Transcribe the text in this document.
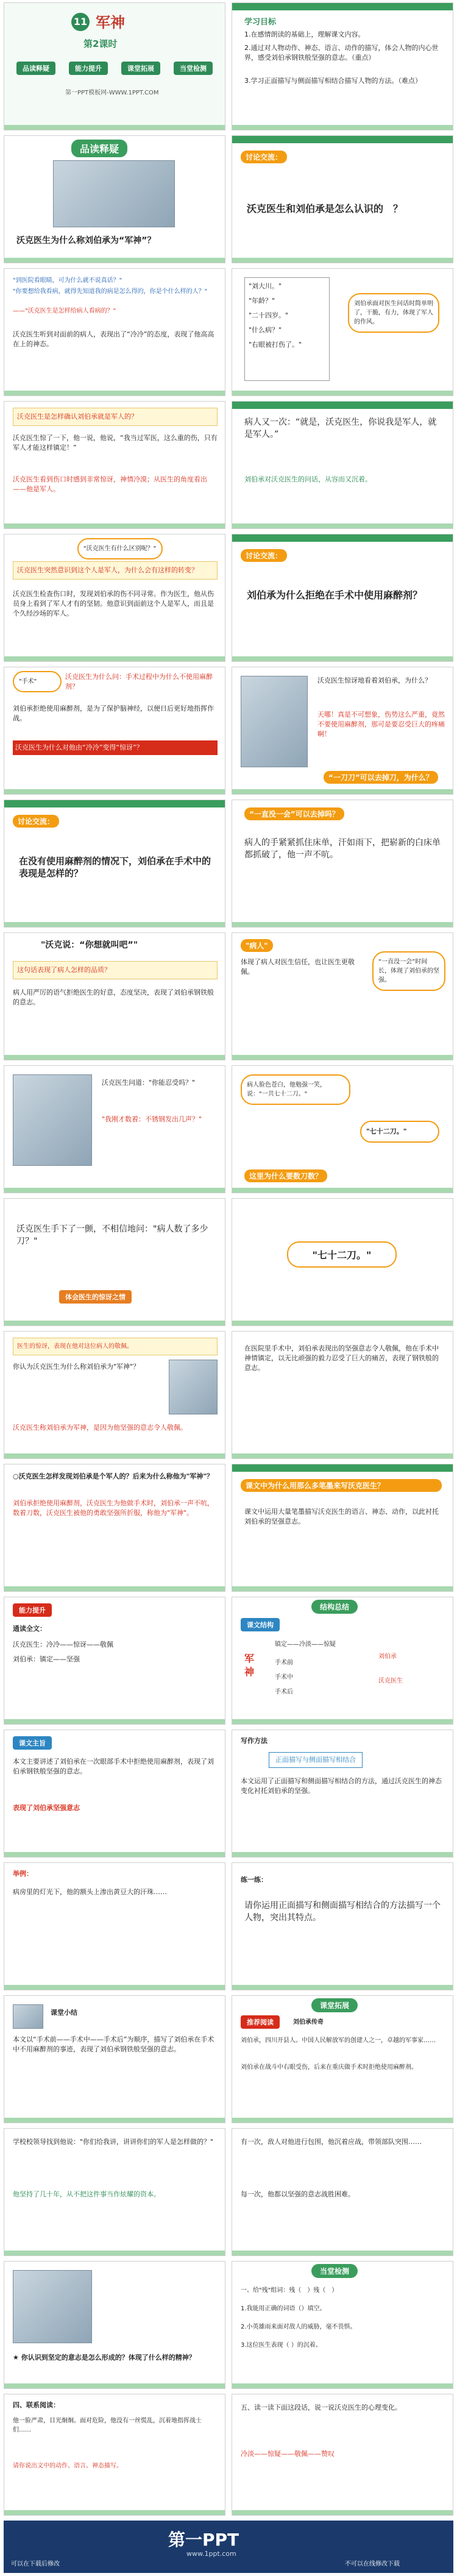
11 军神
第2课时
品读释疑	能力提升	课堂拓展	当堂检测
第一PPT模板网-WWW.1PPT.COM
学习目标
1.在感情朗读的基础上，理解课文内容。
2.通过对人物动作、神态、语言、动作的描写，体会人物的内心世界，感受刘伯承钢铁般坚强的意志。（重点）
3.学习正面描写与侧面描写相结合描写人物的方法。（难点）
品读释疑
沃克医生为什么称刘伯承为“军神”？
讨论交流：
沃克医生和刘伯承是怎么认识的　？
"到医院看眼睛，可为什么就不说真话？"
"你要想给我看病，就得先知道我的病是怎么得的，你是个什么样的人？"
——"沃克医生是怎样给病人看病的？"
沃克医生听到对面前的病人，表现出了“冷冷”的态度，表现了他高高在上的神态。
"刘大川。"
"年龄？"
"二十四岁。"
"什么病？"
"右眼被打伤了。"
刘伯承面对医生问话时简单明了，干脆，有力，体现了军人的作风。
沃克医生是怎样确认刘伯承就是军人的？
沃克医生惊了一下，他一说，他说，“我当过军医，这么重的伤，只有军人才能这样镇定！”
沃克医生看到伤口时感到非常惊讶，神情冷漠；从医生的角度看出——他是军人。
病人又一次：“就是，沃克医生，你说我是军人，就是军人。”
刘伯承对沃克医生的问话，从容而又沉着。
"沃克医生有什么区别呢？"
沃克医生突然意识到这个人是军人，为什么会有这样的转变？
沃克医生检查伤口时，发现刘伯承的伤不同寻常。作为医生，他从伤员身上看到了军人才有的坚韧。他意识到面前这个人是军人，而且是个久经沙场的军人。
讨论交流：
刘伯承为什么拒绝在手术中使用麻醉剂？
"手术"
沃克医生为什么问：手术过程中为什么不使用麻醉剂？
刘伯承拒绝使用麻醉剂，是为了保护脑神经，以便日后更好地指挥作战。
沃克医生为什么对他由“冷冷”变得“惊讶”？
沃克医生惊讶地看着刘伯承，为什么？
天哪！真是不可想象，伤势这么严重，竟然不要使用麻醉剂，那可是要忍受巨大的疼痛啊！
“一刀刀”可以去掉刀，为什么？
讨论交流：
在没有使用麻醉剂的情况下，刘伯承在手术中的表现是怎样的？
“一直没一会”可以去掉吗？
病人的手紧紧抓住床单，汗如雨下，把崭新的白床单都抓破了，他一声不吭。
"沃克说：“你想就叫吧”"
这句话表现了病人怎样的品质？
病人用严厉的语气拒绝医生的好意，态度坚决，表现了刘伯承钢铁般的意志。
"病人"
体现了病人对医生信任，也让医生更敬佩。
“一直没一会”时间长，体现了刘伯承的坚强。
沃克医生问道："你能忍受吗？"
"我刚才数着：不锈钢发出几声？"
病人脸色苍白，他勉强一笑，说："一共七十二刀。"
"七十二刀。"
这里为什么要数刀数？
沃克医生手下了一颤，不相信地问："病人数了多少刀？"
体会医生的惊讶之情
"七十二刀。"
医生的惊讶，表现在他对这位病人的敬佩。
你认为沃克医生为什么称刘伯承为"军神"？
沃克医生称刘伯承为军神，是因为他坚强的意志令人敬佩。
在医院里手术中，刘伯承表现出的坚强意志令人敬佩，他在手术中神情镇定，以无比顽强的毅力忍受了巨大的痛苦，表现了钢铁般的意志。
○沃克医生怎样发现刘伯承是个军人的？后来为什么称他为"军神"？
刘伯承拒绝使用麻醉剂，沃克医生为他做手术时，刘伯承一声不吭，数着刀数，沃克医生被他的勇敢坚强所折服，称他为"军神"。
课文中为什么用那么多笔墨来写沃克医生？
课文中运用大量笔墨描写沃克医生的语言、神态、动作，以此衬托刘伯承的坚强意志。
能力提升
通读全文：
沃克医生：冷冷——惊讶——敬佩
刘伯承：镇定——坚强
结构总结
课文结构
军神
镇定——冷淡——惊疑
手术前
手术中
手术后
刘伯承
沃克医生
课文主旨
本文主要讲述了刘伯承在一次眼部手术中拒绝使用麻醉剂，表现了刘伯承钢铁般坚强的意志。
表现了刘伯承坚强意志
写作方法
正面描写与侧面描写相结合
本文运用了正面描写和侧面描写相结合的方法，通过沃克医生的神态变化衬托刘伯承的坚强。
举例：
病房里的灯光下，他的额头上渗出黄豆大的汗珠……
练一练：
请你运用正面描写和侧面描写相结合的方法描写一个人物，突出其特点。
课堂小结
本文以“手术前——手术中——手术后”为顺序，描写了刘伯承在手术中不用麻醉剂的事迹，表现了刘伯承钢铁般坚强的意志。
课堂拓展
推荐阅读	刘伯承传奇
刘伯承，四川开县人。中国人民解放军的创建人之一，卓越的军事家……
刘伯承在战斗中右眼受伤，后来在重庆做手术时拒绝使用麻醉剂。
学校校领导找到他说："你们给我讲，讲讲你们的军人是怎样做的？"
他坚持了几十年，从不把这件事当作炫耀的资本。
有一次，敌人对他进行包围，他沉着应战，带领部队突围……
每一次，他都以坚强的意志战胜困难。
★ 你认识到坚定的意志是怎么形成的？体现了什么样的精神？
当堂检测
一、给"残"组词：残（　）残（　）
1.我能用正确的词语（）填空。
2.小英雄雨来面对敌人的威胁，毫不畏惧。
3.这位医生表现（ ）的沉着。
四、联系阅读：
他一脸严肃，目光炯炯。面对危险，他没有一丝慌乱，沉着地指挥战士们……
请你说出文中的动作、语言、神态描写。
五、读一读下面这段话，说一说沃克医生的心理变化。
冷淡——惊疑——敬佩——赞叹
第一PPT
www.1ppt.com
可以在下载后修改	不可以在线修改下载
